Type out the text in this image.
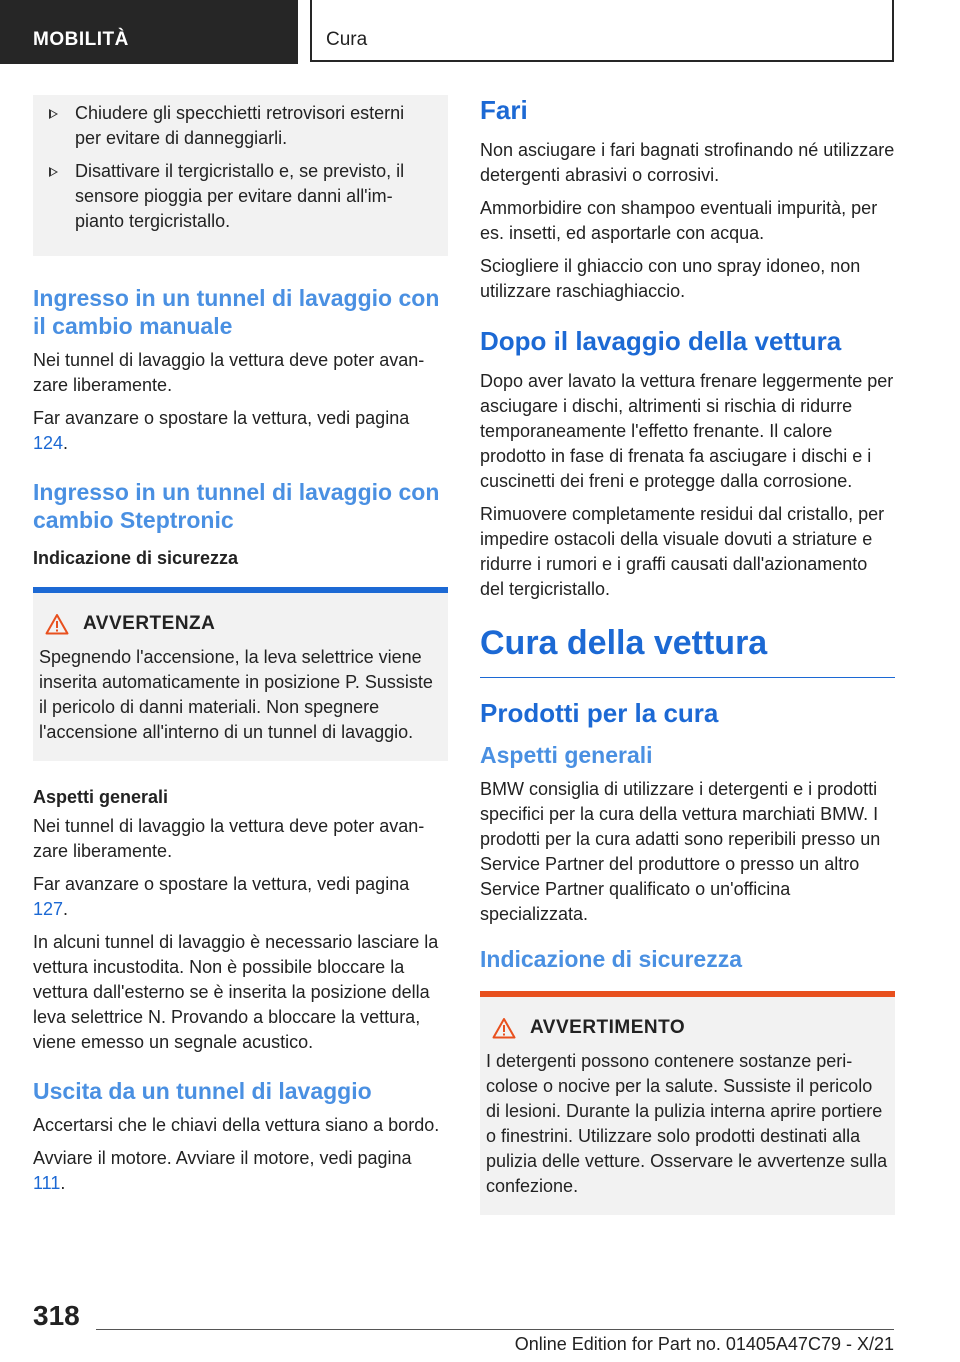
MOBILITÀ	Cura
Chiudere gli specchietti retrovisori esterni per evitare di danneggiarli.
Disattivare il tergicristallo e, se previsto, il sensore pioggia per evitare danni all'impianto tergicristallo.
Ingresso in un tunnel di lavaggio con il cambio manuale

Nei tunnel di lavaggio la vettura deve poter avanzare liberamente.

Far avanzare o spostare la vettura, vedi pagina 124.

Ingresso in un tunnel di lavaggio con cambio Steptronic
Indicazione di sicurezza
AVVERTENZA

Spegnendo l'accensione, la leva selettrice viene inserita automaticamente in posizione P. Sussiste il pericolo di danni materiali. Non spegnere l'accensione all'interno di un tunnel di lavaggio.

Aspetti generali

Nei tunnel di lavaggio la vettura deve poter avanzare liberamente.

Far avanzare o spostare la vettura, vedi pagina 127.

In alcuni tunnel di lavaggio è necessario lasciare la vettura incustodita. Non è possibile bloccare la vettura dall'esterno se è inserita la posizione della leva selettrice N. Provando a bloccare la vettura, viene emesso un segnale acustico.

Uscita da un tunnel di lavaggio

Accertarsi che le chiavi della vettura siano a bordo.

Avviare il motore. Avviare il motore, vedi pagina 111.

Fari

Non asciugare i fari bagnati strofinando né utilizzare detergenti abrasivi o corrosivi.

Ammorbidire con shampoo eventuali impurità, per es. insetti, ed asportarle con acqua.

Sciogliere il ghiaccio con uno spray idoneo, non utilizzare raschiaghiaccio.

Dopo il lavaggio della vettura

Dopo aver lavato la vettura frenare leggermente per asciugare i dischi, altrimenti si rischia di ridurre temporaneamente l'effetto frenante. Il calore prodotto in fase di frenata fa asciugare i dischi e i cuscinetti dei freni e protegge dalla corrosione.

Rimuovere completamente residui dal cristallo, per impedire ostacoli della visuale dovuti a striature e ridurre i rumori e i graffi causati dall'azionamento del tergicristallo.

Cura della vettura
Prodotti per la cura
Aspetti generali

BMW consiglia di utilizzare i detergenti e i prodotti specifici per la cura della vettura marchiati BMW. I prodotti per la cura adatti sono reperibili presso un Service Partner del produttore o presso un altro Service Partner qualificato o un'officina specializzata.

Indicazione di sicurezza
AVVERTIMENTO

I detergenti possono contenere sostanze pericolose o nocive per la salute. Sussiste il pericolo di lesioni. Durante la pulizia interna aprire portiere o finestrini. Utilizzare solo prodotti destinati alla pulizia delle vetture. Osservare le avvertenze sulla confezione.

318
Online Edition for Part no. 01405A47C79 - X/21
